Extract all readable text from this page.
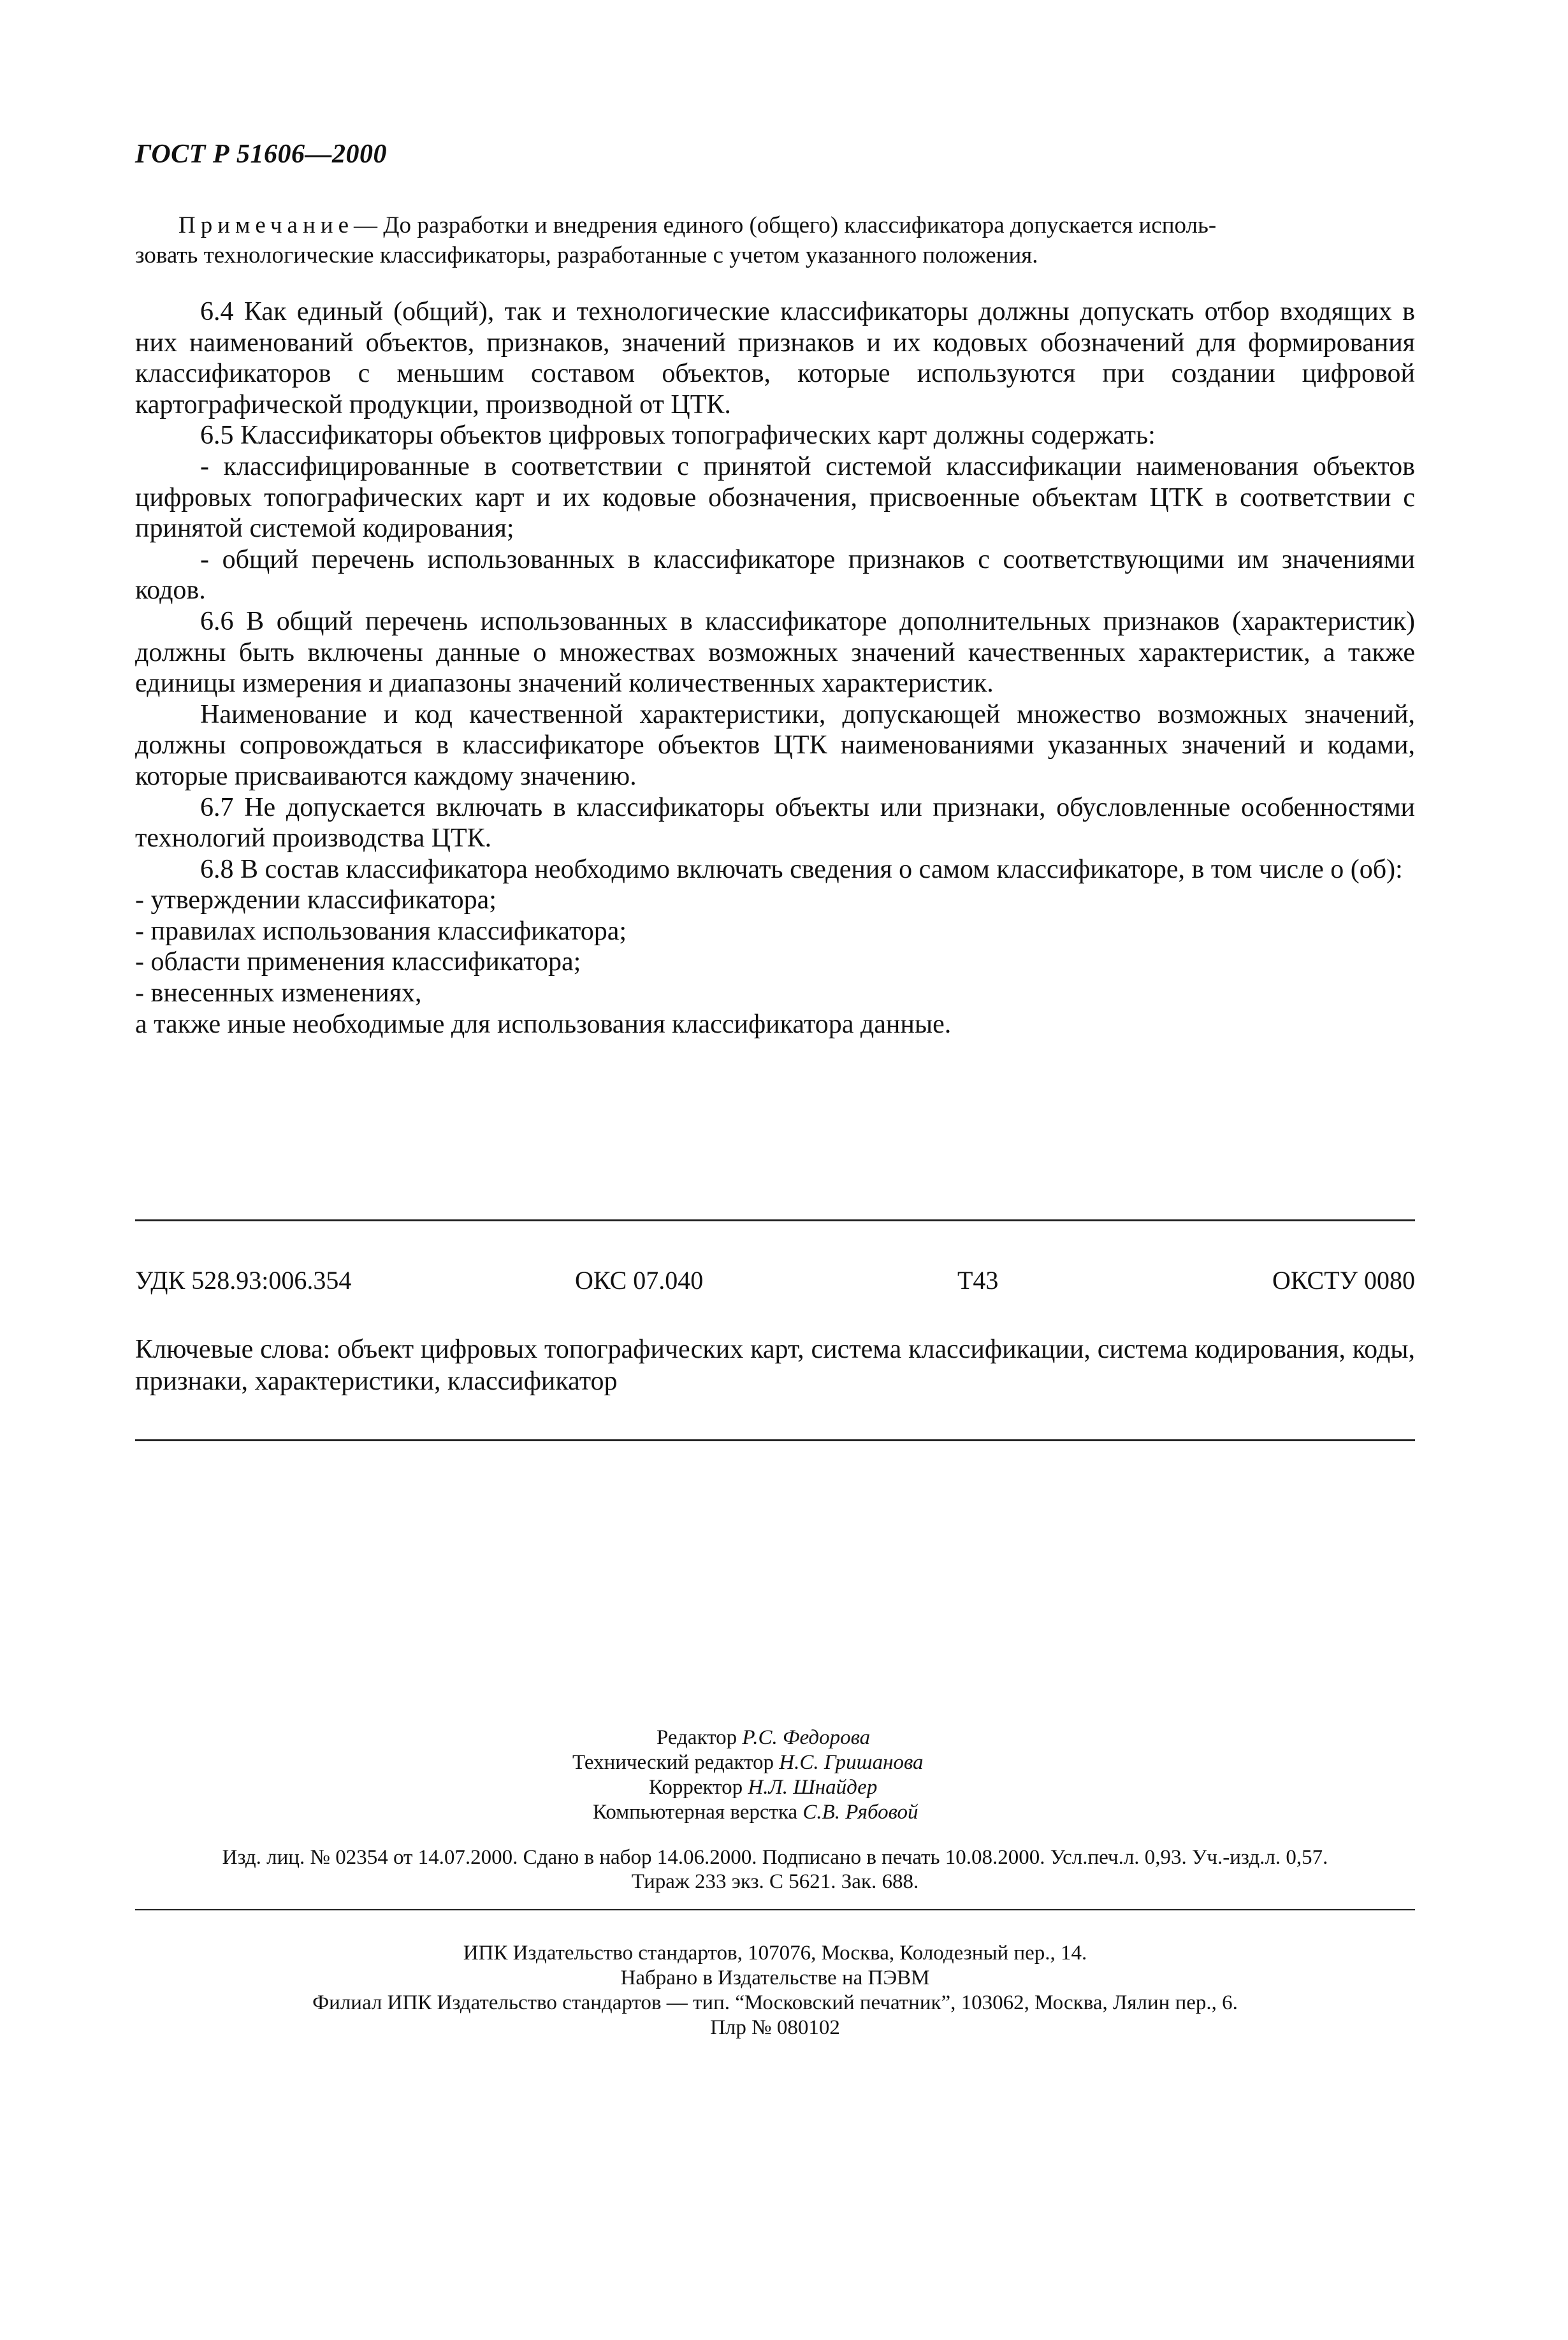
ГОСТ Р 51606—2000

Примечание— До разработки и внедрения единого (общего) классификатора допускается исполь-

зовать технологические классификаторы, разработанные с учетом указанного положения.

6.4 Как единый (общий), так и технологические классификаторы должны допускать отбор входящих в них наименований объектов, признаков, значений признаков и их кодовых обозначений для формирования классификаторов с меньшим составом объектов, которые используются при создании цифровой картографической продукции, производной от ЦТК.

6.5 Классификаторы объектов цифровых топографических карт должны содержать:

- классифицированные в соответствии с принятой системой классификации наименования объектов цифровых топографических карт и их кодовые обозначения, присвоенные объектам ЦТК в соответствии с принятой системой кодирования;

- общий перечень использованных в классификаторе признаков с соответствующими им значениями кодов.

6.6 В общий перечень использованных в классификаторе дополнительных признаков (характеристик) должны быть включены данные о множествах возможных значений качественных характеристик, а также единицы измерения и диапазоны значений количественных характеристик.

Наименование и код качественной характеристики, допускающей множество возможных значений, должны сопровождаться в классификаторе объектов ЦТК наименованиями указанных значений и кодами, которые присваиваются каждому значению.

6.7 Не допускается включать в классификаторы объекты или признаки, обусловленные особенностями технологий производства ЦТК.

6.8 В состав классификатора необходимо включать сведения о самом классификаторе, в том числе о (об):

- утверждении классификатора;

- правилах использования классификатора;

- области применения классификатора;

- внесенных изменениях,

а также иные необходимые для использования классификатора данные.

УДК 528.93:006.354	ОКС 07.040	Т43	ОКСТУ 0080
Ключевые слова: объект цифровых топографических карт, система классификации, система кодирования, коды, признаки, характеристики, классификатор
Редактор Р.С. Федорова
Технический редактор Н.С. Гришанова
Корректор Н.Л. Шнайдер
Компьютерная верстка С.В. Рябовой
Изд. лиц. № 02354 от 14.07.2000. Сдано в набор 14.06.2000. Подписано в печать 10.08.2000. Усл.печ.л. 0,93. Уч.-изд.л. 0,57.
Тираж 233 экз. С 5621. Зак. 688.
ИПК Издательство стандартов, 107076, Москва, Колодезный пер., 14.
Набрано в Издательстве на ПЭВМ
Филиал ИПК Издательство стандартов — тип. “Московский печатник”, 103062, Москва, Лялин пер., 6.
Плр № 080102
